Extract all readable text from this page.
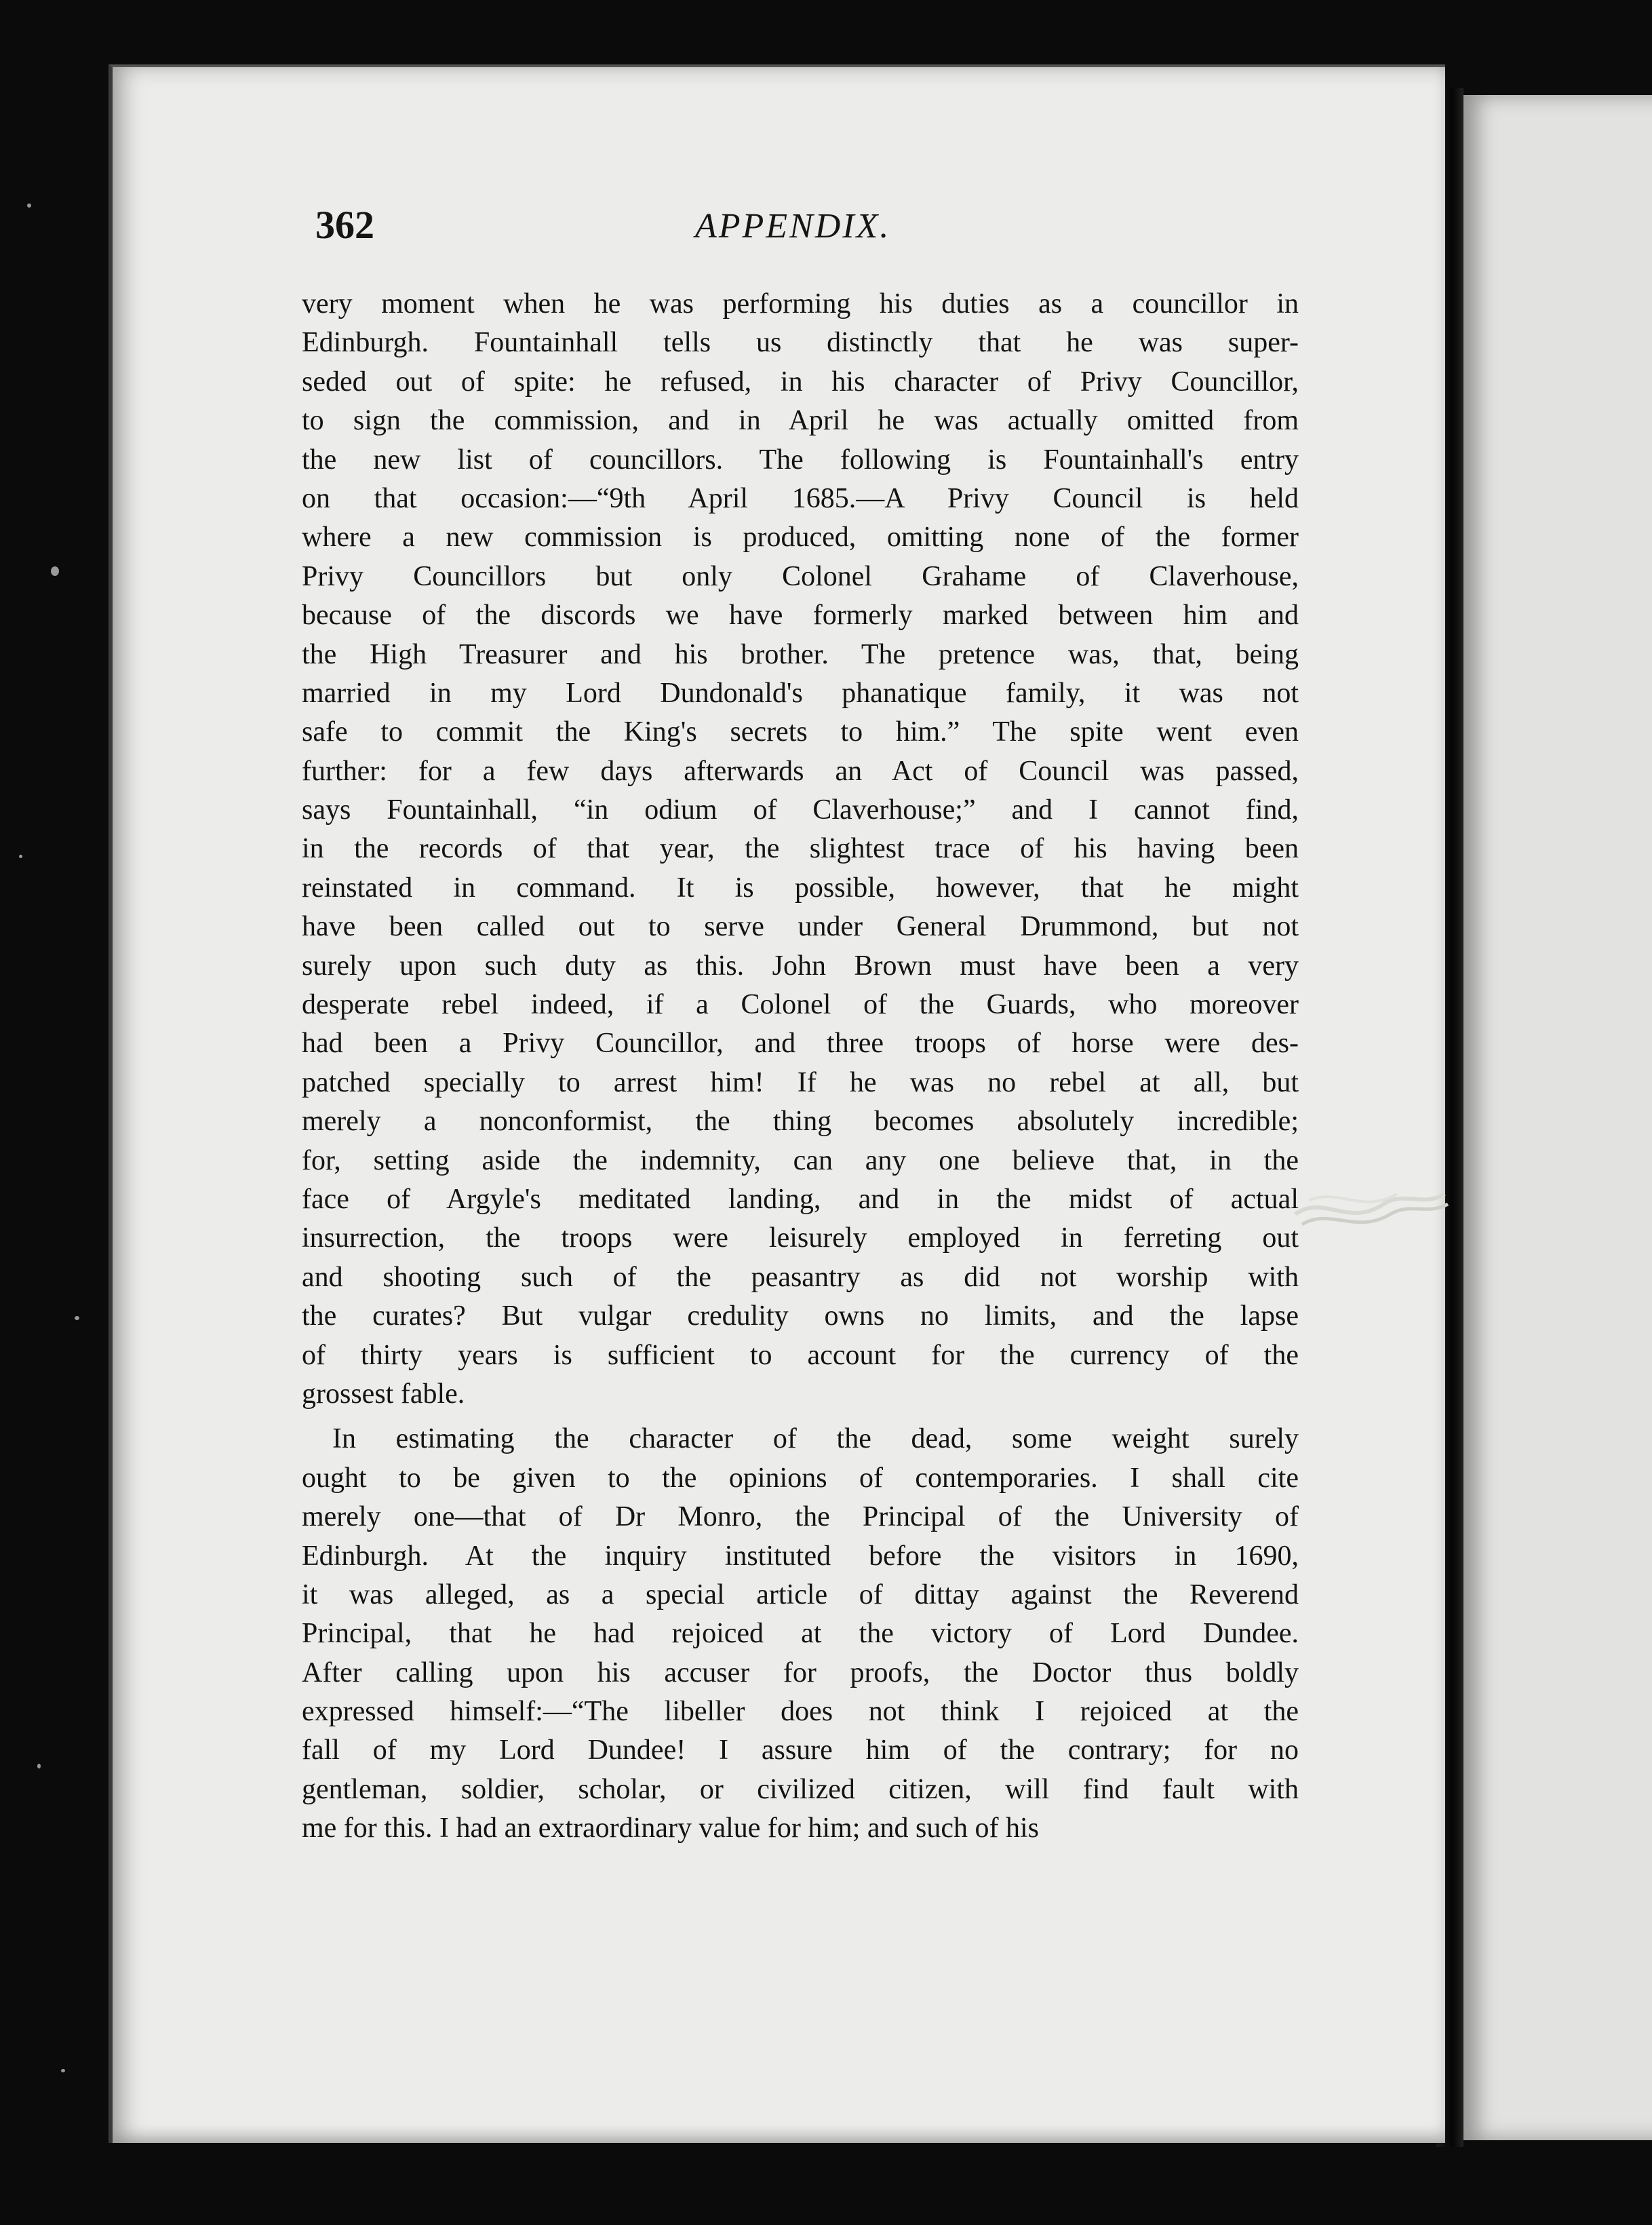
362	APPENDIX.
very moment when he was performing his duties as a councillor in
Edinburgh. Fountainhall tells us distinctly that he was super-
seded out of spite: he refused, in his character of Privy Councillor,
to sign the commission, and in April he was actually omitted from
the new list of councillors. The following is Fountainhall's entry
on that occasion:—“9th April 1685.—A Privy Council is held
where a new commission is produced, omitting none of the former
Privy Councillors but only Colonel Grahame of Claverhouse,
because of the discords we have formerly marked between him and
the High Treasurer and his brother. The pretence was, that, being
married in my Lord Dundonald's phanatique family, it was not
safe to commit the King's secrets to him.” The spite went even
further: for a few days afterwards an Act of Council was passed,
says Fountainhall, “in odium of Claverhouse;” and I cannot find,
in the records of that year, the slightest trace of his having been
reinstated in command. It is possible, however, that he might
have been called out to serve under General Drummond, but not
surely upon such duty as this. John Brown must have been a very
desperate rebel indeed, if a Colonel of the Guards, who moreover
had been a Privy Councillor, and three troops of horse were des-
patched specially to arrest him! If he was no rebel at all, but
merely a nonconformist, the thing becomes absolutely incredible;
for, setting aside the indemnity, can any one believe that, in the
face of Argyle's meditated landing, and in the midst of actual
insurrection, the troops were leisurely employed in ferreting out
and shooting such of the peasantry as did not worship with
the curates? But vulgar credulity owns no limits, and the lapse
of thirty years is sufficient to account for the currency of the
grossest fable.
In estimating the character of the dead, some weight surely
ought to be given to the opinions of contemporaries. I shall cite
merely one—that of Dr Monro, the Principal of the University of
Edinburgh. At the inquiry instituted before the visitors in 1690,
it was alleged, as a special article of dittay against the Reverend
Principal, that he had rejoiced at the victory of Lord Dundee.
After calling upon his accuser for proofs, the Doctor thus boldly
expressed himself:—“The libeller does not think I rejoiced at the
fall of my Lord Dundee! I assure him of the contrary; for no
gentleman, soldier, scholar, or civilized citizen, will find fault with
me for this. I had an extraordinary value for him; and such of his
